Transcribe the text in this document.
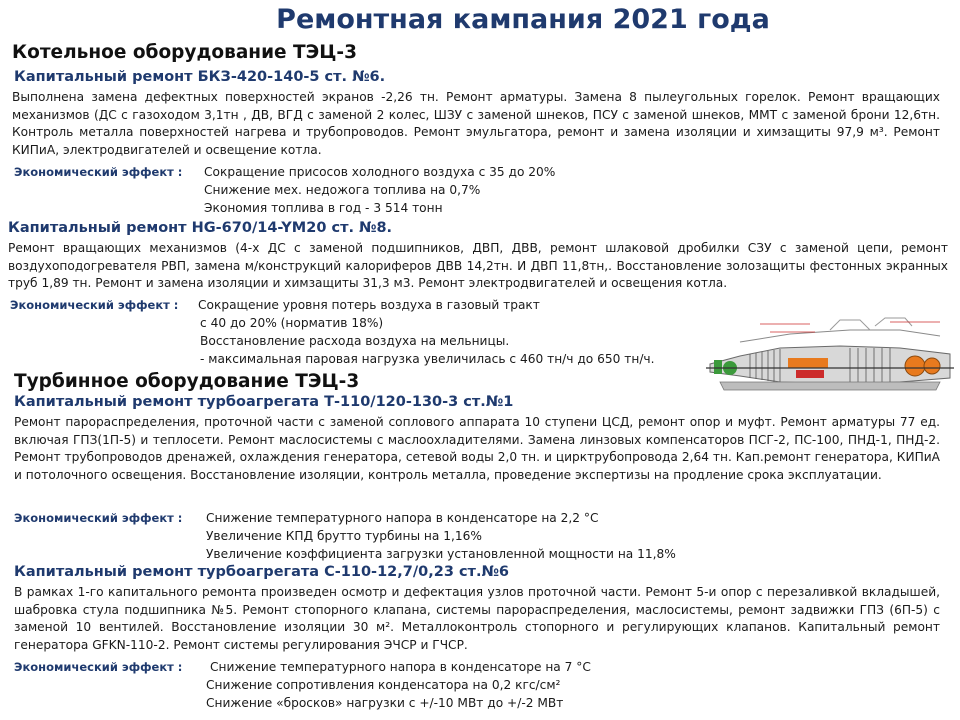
Ремонтная кампания 2021 года
Котельное оборудование ТЭЦ-3
Капитальный ремонт БКЗ-420-140-5 ст. №6.
Выполнена замена дефектных поверхностей экранов -2,26 тн. Ремонт арматуры. Замена 8 пылеугольных горелок. Ремонт вращающих механизмов (ДС с газоходом 3,1тн , ДВ, ВГД с заменой 2 колес, ШЗУ с заменой шнеков, ПСУ с заменой шнеков, ММТ с заменой брони 12,6тн. Контроль металла поверхностей нагрева и трубопроводов. Ремонт эмульгатора, ремонт и замена изоляции и химзащиты 97,9 м³. Ремонт КИПиА, электродвигателей и освещение котла.
Экономический эффект : Сокращение присосов холодного воздуха с 35 до 20%
Снижение мех. недожога топлива на 0,7%
Экономия топлива в год - 3 514 тонн
Капитальный ремонт HG-670/14-YM20 ст. №8.
Ремонт вращающих механизмов (4-х ДС с заменой подшипников, ДВП, ДВВ, ремонт шлаковой дробилки СЗУ с заменой цепи, ремонт воздухоподогревателя РВП, замена м/конструкций калориферов ДВВ 14,2тн. И ДВП 11,8тн,. Восстановление золозащиты фестонных экранных труб 1,89 тн. Ремонт и замена изоляции и химзащиты 31,3 м3. Ремонт электродвигателей и освещения котла.
Экономический эффект : Сокращение уровня потерь воздуха в газовый тракт
с 40 до 20% (норматив 18%)
Восстановление расхода воздуха на мельницы.
- максимальная паровая нагрузка увеличилась с 460 тн/ч до 650 тн/ч.
Турбинное оборудование ТЭЦ-3
Капитальный ремонт турбоагрегата Т-110/120-130-3 ст.№1
Ремонт парораспределения, проточной части с заменой соплового аппарата 10 ступени ЦСД, ремонт опор и муфт. Ремонт арматуры 77 ед. включая ГПЗ(1П-5) и теплосети. Ремонт маслосистемы с маслоохладителями. Замена линзовых компенсаторов ПСГ-2, ПС-100, ПНД-1, ПНД-2. Ремонт трубопроводов дренажей, охлаждения генератора, сетевой воды 2,0 тн. и цирктрубопровода 2,64 тн. Кап.ремонт генератора, КИПиА и потолочного освещения. Восстановление изоляции, контроль металла, проведение экспертизы на продление срока эксплуатации.
Экономический эффект : Снижение температурного напора в конденсаторе на 2,2 °С
Увеличение КПД брутто турбины на 1,16%
Увеличение коэффициента загрузки установленной мощности на 11,8%
Капитальный ремонт турбоагрегата С-110-12,7/0,23 ст.№6
В рамках 1-го капитального ремонта произведен осмотр и дефектация узлов проточной части. Ремонт 5-и опор с перезаливкой вкладышей, шабровка стула подшипника №5. Ремонт стопорного клапана, системы парораспределения, маслосистемы, ремонт задвижки ГПЗ (6П-5) с заменой 10 вентилей. Восстановление изоляции 30 м². Металлоконтроль стопорного и регулирующих клапанов. Капитальный ремонт генератора GFKN-110-2. Ремонт системы регулирования ЭЧСР и ГЧСР.
Экономический эффект : Снижение температурного напора в конденсаторе на 7 °С
Снижение сопротивления конденсатора на 0,2 кгс/см²
Снижение «бросков» нагрузки с +/-10 МВт до +/-2 МВт
